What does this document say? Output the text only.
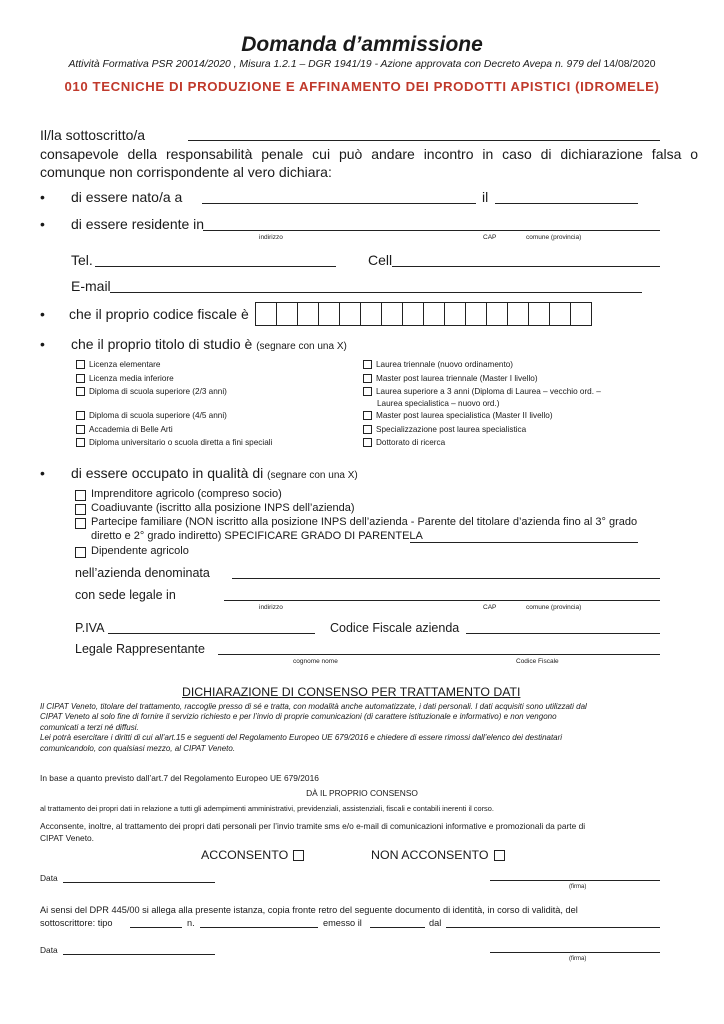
Domanda d’ammissione
Attività Formativa PSR 20014/2020 , Misura 1.2.1 – DGR 1941/19 - Azione approvata con Decreto Avepa n. 979 del 14/08/2020
010 TECNICHE DI PRODUZIONE E AFFINAMENTO DEI PRODOTTI APISTICI (IDROMELE)
Il/la sottoscritto/a
consapevole della responsabilità penale cui può andare incontro in caso di dichiarazione falsa o
comunque non corrispondente al vero dichiara:
• di essere nato/a a	il
• di essere residente in
indirizzo	CAP	comune (provincia)
Tel.	Cell
E-mail
• che il proprio codice fiscale è
• che il proprio titolo di studio è (segnare con una X)
Licenza elementare
Licenza media inferiore
Diploma di scuola superiore (2/3 anni)
Diploma di scuola superiore (4/5 anni)
Accademia di Belle Arti
Diploma universitario o scuola diretta a fini speciali
Laurea triennale (nuovo ordinamento)
Master post laurea triennale (Master I livello)
Laurea superiore a 3 anni (Diploma di Laurea – vecchio ord. –
Laurea specialistica – nuovo ord.)
Master post laurea specialistica (Master II livello)
Specializzazione post laurea specialistica
Dottorato di ricerca
• di essere occupato in qualità di (segnare con una X)
Imprenditore agricolo (compreso socio)
Coadiuvante (iscritto alla posizione INPS dell’azienda)
Partecipe familiare (NON iscritto alla posizione INPS dell’azienda - Parente del titolare d’azienda fino al 3° grado
diretto e 2° grado indiretto) SPECIFICARE GRADO DI PARENTELA
Dipendente agricolo
nell’azienda denominata
con sede legale in
indirizzo	CAP	comune (provincia)
P.IVA	Codice Fiscale azienda
Legale Rappresentante
cognome nome	Codice Fiscale
DICHIARAZIONE DI CONSENSO PER TRATTAMENTO DATI
Il CIPAT Veneto, titolare del trattamento, raccoglie presso di sé e tratta, con modalità anche automatizzate, i dati personali. I dati acquisiti sono utilizzati dal
CIPAT Veneto al solo fine di fornire il servizio richiesto e per l’invio di proprie comunicazioni (di carattere istituzionale e informativo) e non vengono
comunicati a terzi né diffusi.
Lei potrà esercitare i diritti di cui all’art.15 e seguenti del Regolamento Europeo UE 679/2016 e chiedere di essere rimossi dall’elenco dei destinatari
comunicandolo, con qualsiasi mezzo, al CIPAT Veneto.
In base a quanto previsto dall’art.7 del Regolamento Europeo UE 679/2016
DÀ IL PROPRIO CONSENSO
al trattamento dei propri dati in relazione a tutti gli adempimenti amministrativi, previdenziali, assistenziali, fiscali e contabili inerenti il corso.
Acconsente, inoltre, al trattamento dei propri dati personali per l’invio tramite sms e/o e-mail di comunicazioni informative e promozionali da parte di
CIPAT Veneto.
ACCONSENTO	NON ACCONSENTO
Data
(firma)
Ai sensi del DPR 445/00 si allega alla presente istanza, copia fronte retro del seguente documento di identità, in corso di validità, del
sottoscrittore: tipo	n.	emesso il	dal
Data
(firma)
